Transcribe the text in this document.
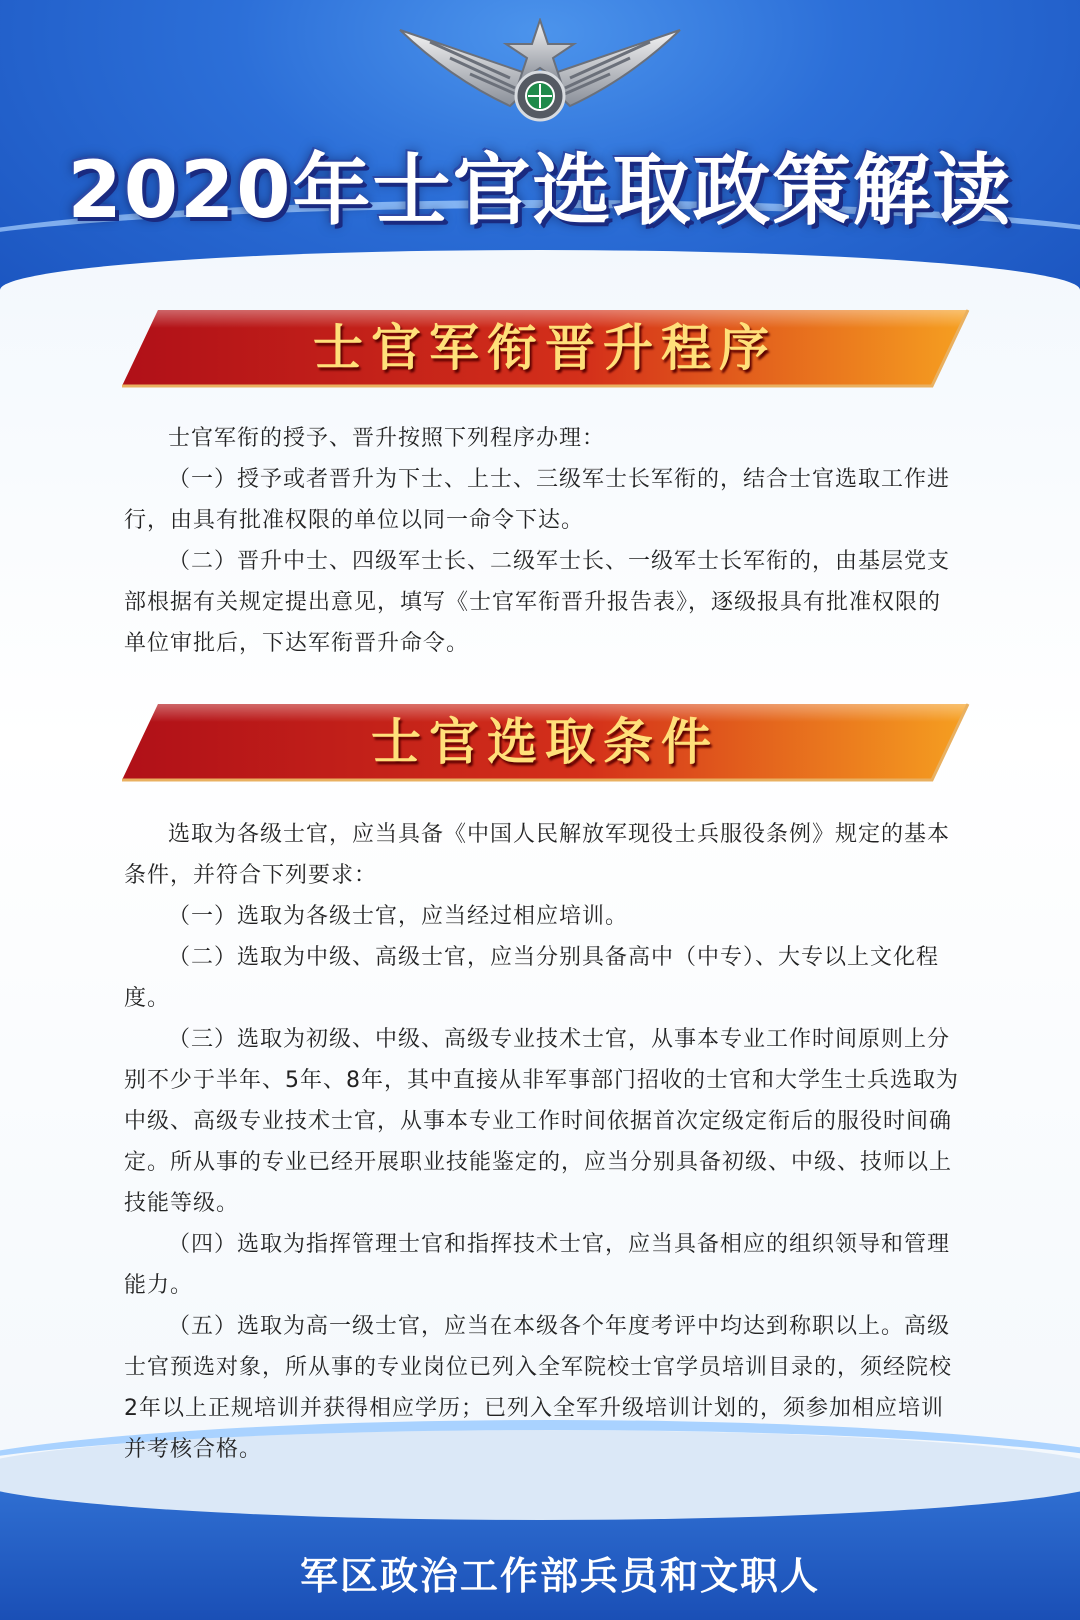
2020年士官选取政策解读
士官军衔晋升程序

士官军衔的授予、晋升按照下列程序办理：

（一）授予或者晋升为下士、上士、三级军士长军衔的，结合士官选取工作进行，由具有批准权限的单位以同一命令下达。

（二）晋升中士、四级军士长、二级军士长、一级军士长军衔的，由基层党支部根据有关规定提出意见，填写《士官军衔晋升报告表》，逐级报具有批准权限的单位审批后，下达军衔晋升命令。

士官选取条件

选取为各级士官，应当具备《中国人民解放军现役士兵服役条例》规定的基本条件，并符合下列要求：

（一）选取为各级士官，应当经过相应培训。

（二）选取为中级、高级士官，应当分别具备高中（中专）、大专以上文化程度。

（三）选取为初级、中级、高级专业技术士官，从事本专业工作时间原则上分别不少于半年、5年、8年，其中直接从非军事部门招收的士官和大学生士兵选取为中级、高级专业技术士官，从事本专业工作时间依据首次定级定衔后的服役时间确定。所从事的专业已经开展职业技能鉴定的，应当分别具备初级、中级、技师以上技能等级。

（四）选取为指挥管理士官和指挥技术士官，应当具备相应的组织领导和管理能力。

（五）选取为高一级士官，应当在本级各个年度考评中均达到称职以上。高级士官预选对象，所从事的专业岗位已列入全军院校士官学员培训目录的，须经院校2年以上正规培训并获得相应学历；已列入全军升级培训计划的，须参加相应培训并考核合格。

军区政治工作部兵员和文职人
